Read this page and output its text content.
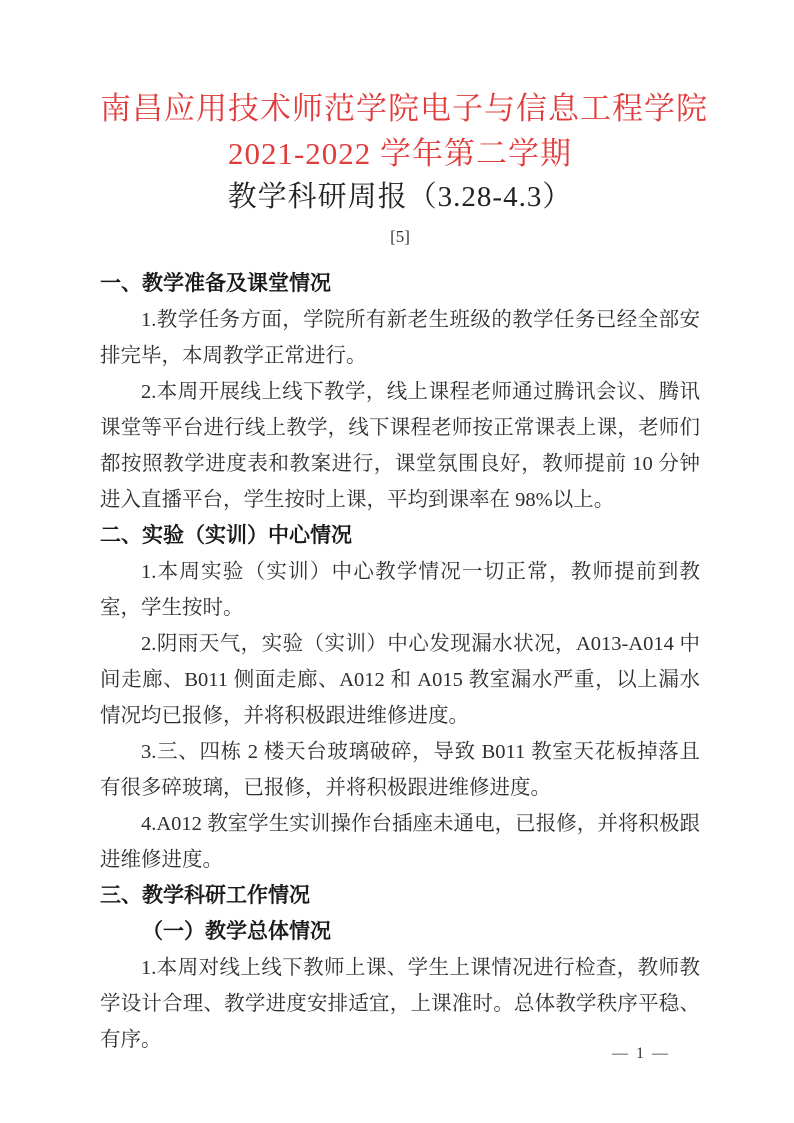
南昌应用技术师范学院电子与信息工程学院
2021-2022 学年第二学期
教学科研周报（3.28-4.3）
[5]
一、教学准备及课堂情况

1.教学任务方面，学院所有新老生班级的教学任务已经全部安排完毕，本周教学正常进行。

2.本周开展线上线下教学，线上课程老师通过腾讯会议、腾讯课堂等平台进行线上教学，线下课程老师按正常课表上课，老师们都按照教学进度表和教案进行，课堂氛围良好，教师提前 10 分钟进入直播平台，学生按时上课，平均到课率在 98%以上。

二、实验（实训）中心情况

1.本周实验（实训）中心教学情况一切正常，教师提前到教室，学生按时。

2.阴雨天气，实验（实训）中心发现漏水状况，A013-A014 中间走廊、B011 侧面走廊、A012 和 A015 教室漏水严重，以上漏水情况均已报修，并将积极跟进维修进度。

3.三、四栋 2 楼天台玻璃破碎，导致 B011 教室天花板掉落且有很多碎玻璃，已报修，并将积极跟进维修进度。

4.A012 教室学生实训操作台插座未通电，已报修，并将积极跟进维修进度。

三、教学科研工作情况
（一）教学总体情况

1.本周对线上线下教师上课、学生上课情况进行检查，教师教学设计合理、教学进度安排适宜，上课准时。总体教学秩序平稳、有序。

— 1 —
